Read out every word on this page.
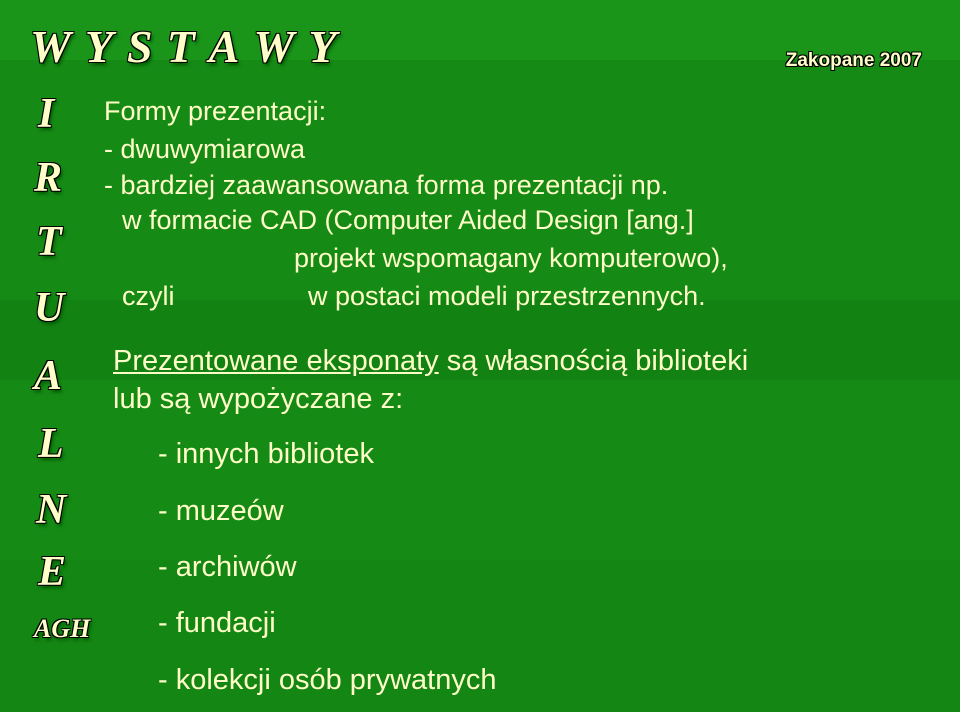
W Y S T A W Y	Zakopane 2007
I
R
T
U
A
L
N
E
AGH
Formy prezentacji:
- dwuwymiarowa
- bardziej zaawansowana forma prezentacji np.
w formacie CAD (Computer Aided Design [ang.]
projekt wspomagany komputerowo),
czyli	w postaci modeli przestrzennych.
Prezentowane eksponaty są własnością biblioteki
lub są wypożyczane z:
- innych bibliotek
- muzeów
- archiwów
- fundacji
- kolekcji osób prywatnych
